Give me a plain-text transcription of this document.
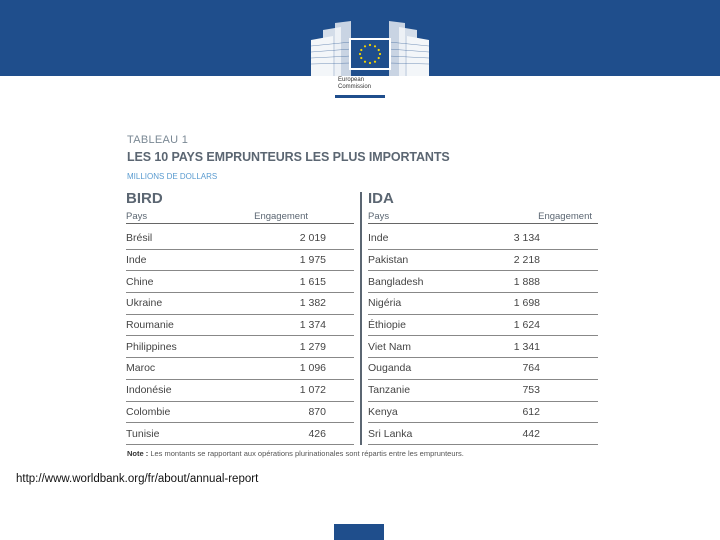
European
Commission
TABLEAU 1
LES 10 PAYS EMPRUNTEURS LES PLUS IMPORTANTS
MILLIONS DE DOLLARS
BIRD
Pays	Engagement
Brésil	2 019
Inde	1 975
Chine	1 615
Ukraine	1 382
Roumanie	1 374
Philippines	1 279
Maroc	1 096
Indonésie	1 072
Colombie	870
Tunisie	426
IDA
Pays	Engagement
Inde	3 134
Pakistan	2 218
Bangladesh	1 888
Nigéria	1 698
Éthiopie	1 624
Viet Nam	1 341
Ouganda	764
Tanzanie	753
Kenya	612
Sri Lanka	442
Note : Les montants se rapportant aux opérations plurinationales sont répartis entre les emprunteurs.
http://www.worldbank.org/fr/about/annual-report
